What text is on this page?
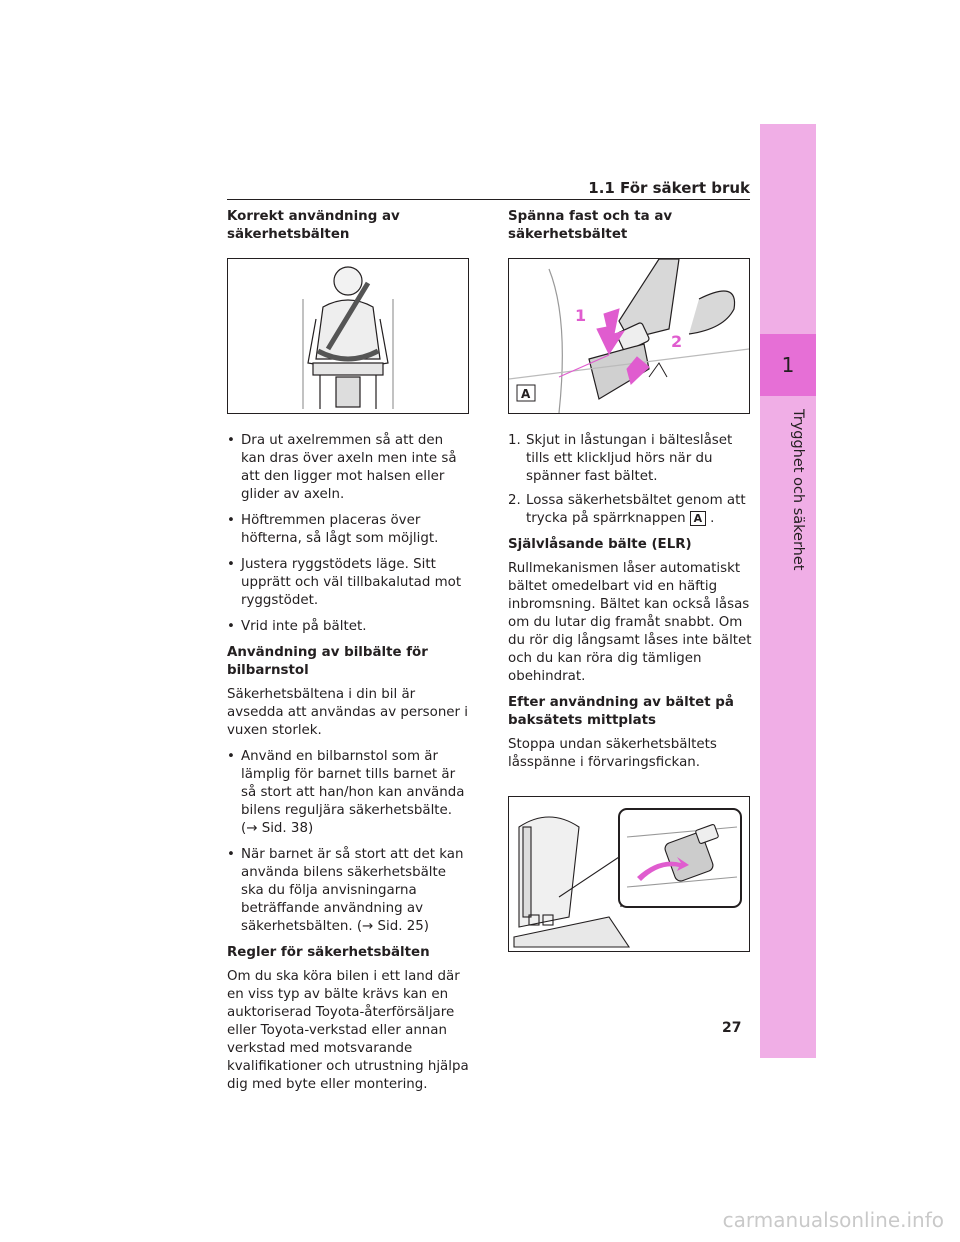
1
Trygghet och säkerhet
1.1 För säkert bruk
Korrekt användning av säkerhetsbälten
• Dra ut axelremmen så att den kan dras över axeln men inte så att den ligger mot halsen eller glider av axeln.
• Höftremmen placeras över höfterna, så lågt som möjligt.
• Justera ryggstödets läge. Sitt upprätt och väl tillbakalutad mot ryggstödet.
• Vrid inte på bältet.
Användning av bilbälte för bilbarnstol

Säkerhetsbältena i din bil är avsedda att användas av personer i vuxen storlek.

• Använd en bilbarnstol som är lämplig för barnet tills barnet är så stort att han/hon kan använda bilens reguljära säkerhetsbälte. (→ Sid. 38)
• När barnet är så stort att det kan använda bilens säkerhetsbälte ska du följa anvisningarna beträffande användning av säkerhetsbälten. (→ Sid. 25)
Regler för säkerhetsbälten

Om du ska köra bilen i ett land där en viss typ av bälte krävs kan en auktoriserad Toyota-återförsäljare eller Toyota-verkstad eller annan verkstad med motsvarande kvalifikationer och utrustning hjälpa dig med byte eller montering.

Spänna fast och ta av säkerhetsbältet
1
2
A
1. Skjut in låstungan i bälteslåset tills ett klickljud hörs när du spänner fast bältet.
2. Lossa säkerhetsbältet genom att trycka på spärrknappen A .
Självlåsande bälte (ELR)

Rullmekanismen låser automatiskt bältet omedelbart vid en häftig inbromsning. Bältet kan också låsas om du lutar dig framåt snabbt. Om du rör dig långsamt låses inte bältet och du kan röra dig tämligen obehindrat.

Efter användning av bältet på baksätets mittplats

Stoppa undan säkerhetsbältets låsspänne i förvaringsfickan.

27
carmanualsonline.info
